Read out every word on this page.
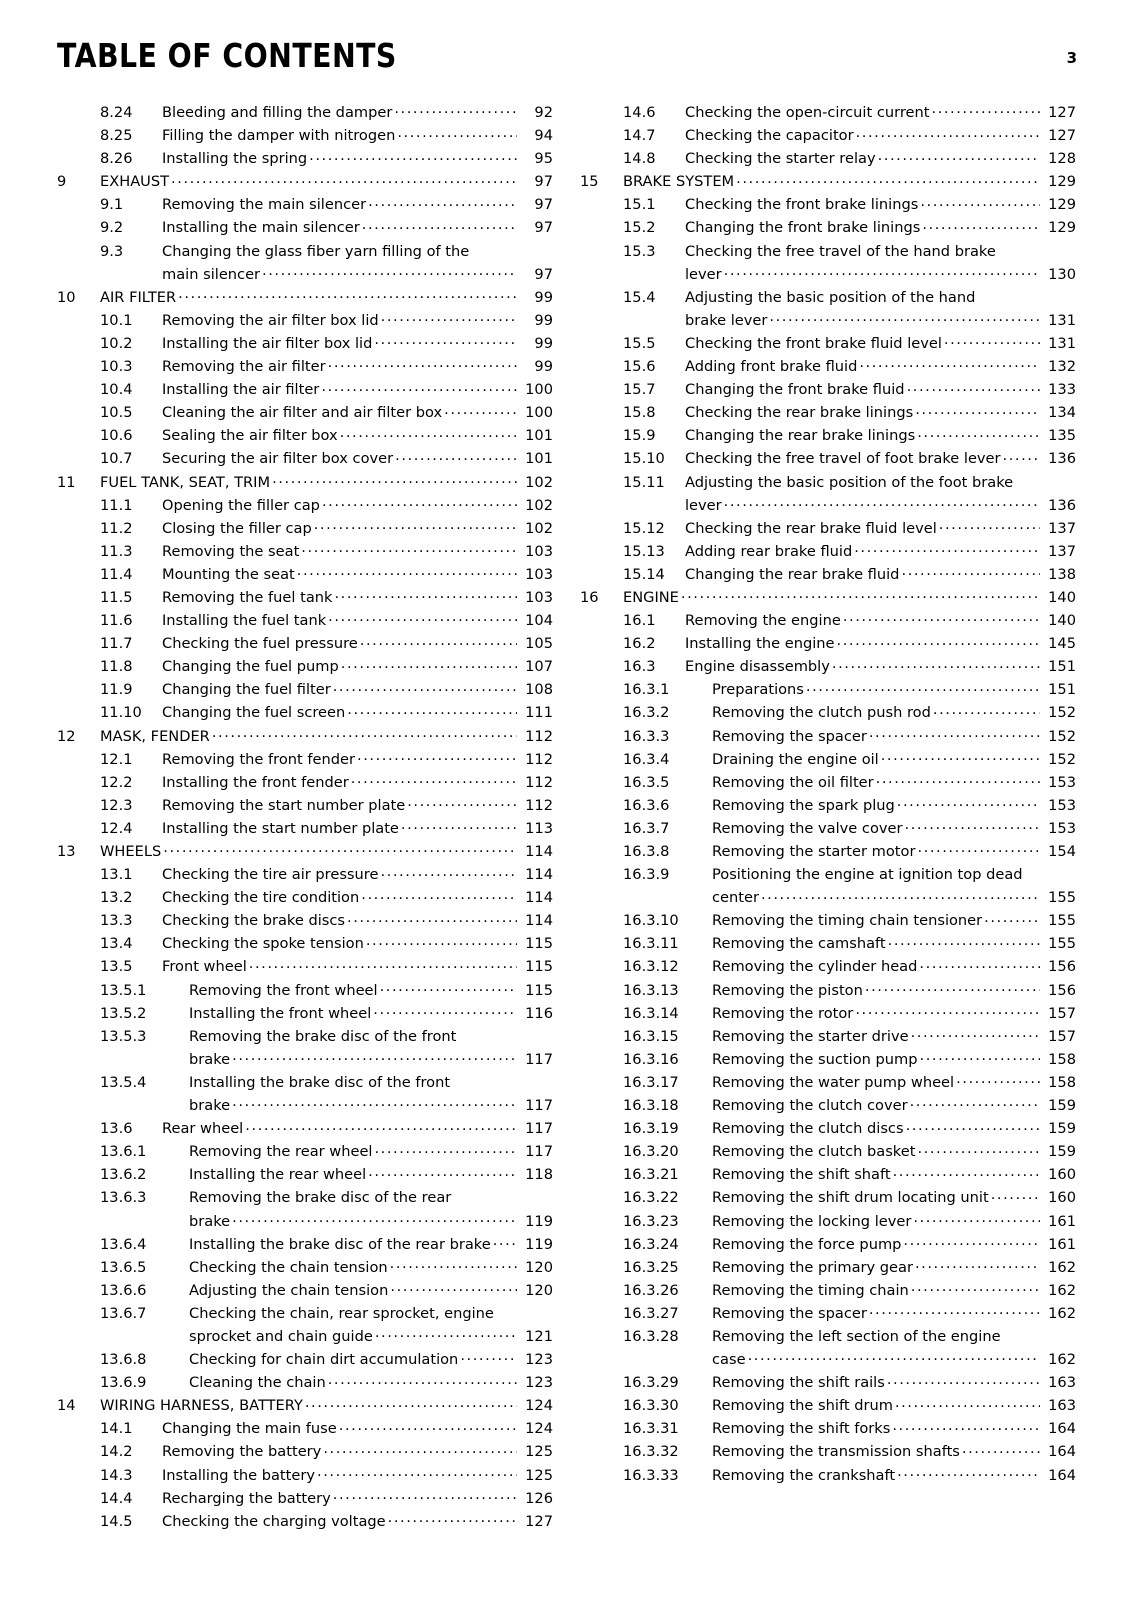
TABLE OF CONTENTS	3
8.24	Bleeding and filling the damper .....	92
8.25	Filling the damper with nitrogen .....	94
8.26	Installing the spring .....	95
9	EXHAUST .....	97
9.1	Removing the main silencer .....	97
9.2	Installing the main silencer .....	97
9.3	Changing the glass fiber yarn filling of the
main silencer .....	97
10	AIR FILTER .....	99
10.1	Removing the air filter box lid .....	99
10.2	Installing the air filter box lid .....	99
10.3	Removing the air filter .....	99
10.4	Installing the air filter .....	100
10.5	Cleaning the air filter and air filter box .....	100
10.6	Sealing the air filter box .....	101
10.7	Securing the air filter box cover .....	101
11	FUEL TANK, SEAT, TRIM .....	102
11.1	Opening the filler cap .....	102
11.2	Closing the filler cap .....	102
11.3	Removing the seat .....	103
11.4	Mounting the seat .....	103
11.5	Removing the fuel tank .....	103
11.6	Installing the fuel tank .....	104
11.7	Checking the fuel pressure .....	105
11.8	Changing the fuel pump .....	107
11.9	Changing the fuel filter .....	108
11.10	Changing the fuel screen .....	111
12	MASK, FENDER .....	112
12.1	Removing the front fender .....	112
12.2	Installing the front fender .....	112
12.3	Removing the start number plate .....	112
12.4	Installing the start number plate .....	113
13	WHEELS .....	114
13.1	Checking the tire air pressure .....	114
13.2	Checking the tire condition .....	114
13.3	Checking the brake discs .....	114
13.4	Checking the spoke tension .....	115
13.5	Front wheel .....	115
13.5.1	Removing the front wheel .....	115
13.5.2	Installing the front wheel .....	116
13.5.3	Removing the brake disc of the front
brake .....	117
13.5.4	Installing the brake disc of the front
brake .....	117
13.6	Rear wheel .....	117
13.6.1	Removing the rear wheel .....	117
13.6.2	Installing the rear wheel .....	118
13.6.3	Removing the brake disc of the rear
brake .....	119
13.6.4	Installing the brake disc of the rear brake .....	119
13.6.5	Checking the chain tension .....	120
13.6.6	Adjusting the chain tension .....	120
13.6.7	Checking the chain, rear sprocket, engine
sprocket and chain guide .....	121
13.6.8	Checking for chain dirt accumulation .....	123
13.6.9	Cleaning the chain .....	123
14	WIRING HARNESS, BATTERY .....	124
14.1	Changing the main fuse .....	124
14.2	Removing the battery .....	125
14.3	Installing the battery .....	125
14.4	Recharging the battery .....	126
14.5	Checking the charging voltage .....	127
14.6	Checking the open-circuit current .....	127
14.7	Checking the capacitor .....	127
14.8	Checking the starter relay .....	128
15	BRAKE SYSTEM .....	129
15.1	Checking the front brake linings .....	129
15.2	Changing the front brake linings .....	129
15.3	Checking the free travel of the hand brake
lever .....	130
15.4	Adjusting the basic position of the hand
brake lever .....	131
15.5	Checking the front brake fluid level .....	131
15.6	Adding front brake fluid .....	132
15.7	Changing the front brake fluid .....	133
15.8	Checking the rear brake linings .....	134
15.9	Changing the rear brake linings .....	135
15.10	Checking the free travel of foot brake lever .....	136
15.11	Adjusting the basic position of the foot brake
lever .....	136
15.12	Checking the rear brake fluid level .....	137
15.13	Adding rear brake fluid .....	137
15.14	Changing the rear brake fluid .....	138
16	ENGINE .....	140
16.1	Removing the engine .....	140
16.2	Installing the engine .....	145
16.3	Engine disassembly .....	151
16.3.1	Preparations .....	151
16.3.2	Removing the clutch push rod .....	152
16.3.3	Removing the spacer .....	152
16.3.4	Draining the engine oil .....	152
16.3.5	Removing the oil filter .....	153
16.3.6	Removing the spark plug .....	153
16.3.7	Removing the valve cover .....	153
16.3.8	Removing the starter motor .....	154
16.3.9	Positioning the engine at ignition top dead
center .....	155
16.3.10	Removing the timing chain tensioner .....	155
16.3.11	Removing the camshaft .....	155
16.3.12	Removing the cylinder head .....	156
16.3.13	Removing the piston .....	156
16.3.14	Removing the rotor .....	157
16.3.15	Removing the starter drive .....	157
16.3.16	Removing the suction pump .....	158
16.3.17	Removing the water pump wheel .....	158
16.3.18	Removing the clutch cover .....	159
16.3.19	Removing the clutch discs .....	159
16.3.20	Removing the clutch basket .....	159
16.3.21	Removing the shift shaft .....	160
16.3.22	Removing the shift drum locating unit .....	160
16.3.23	Removing the locking lever .....	161
16.3.24	Removing the force pump .....	161
16.3.25	Removing the primary gear .....	162
16.3.26	Removing the timing chain .....	162
16.3.27	Removing the spacer .....	162
16.3.28	Removing the left section of the engine
case .....	162
16.3.29	Removing the shift rails .....	163
16.3.30	Removing the shift drum .....	163
16.3.31	Removing the shift forks .....	164
16.3.32	Removing the transmission shafts .....	164
16.3.33	Removing the crankshaft .....	164
